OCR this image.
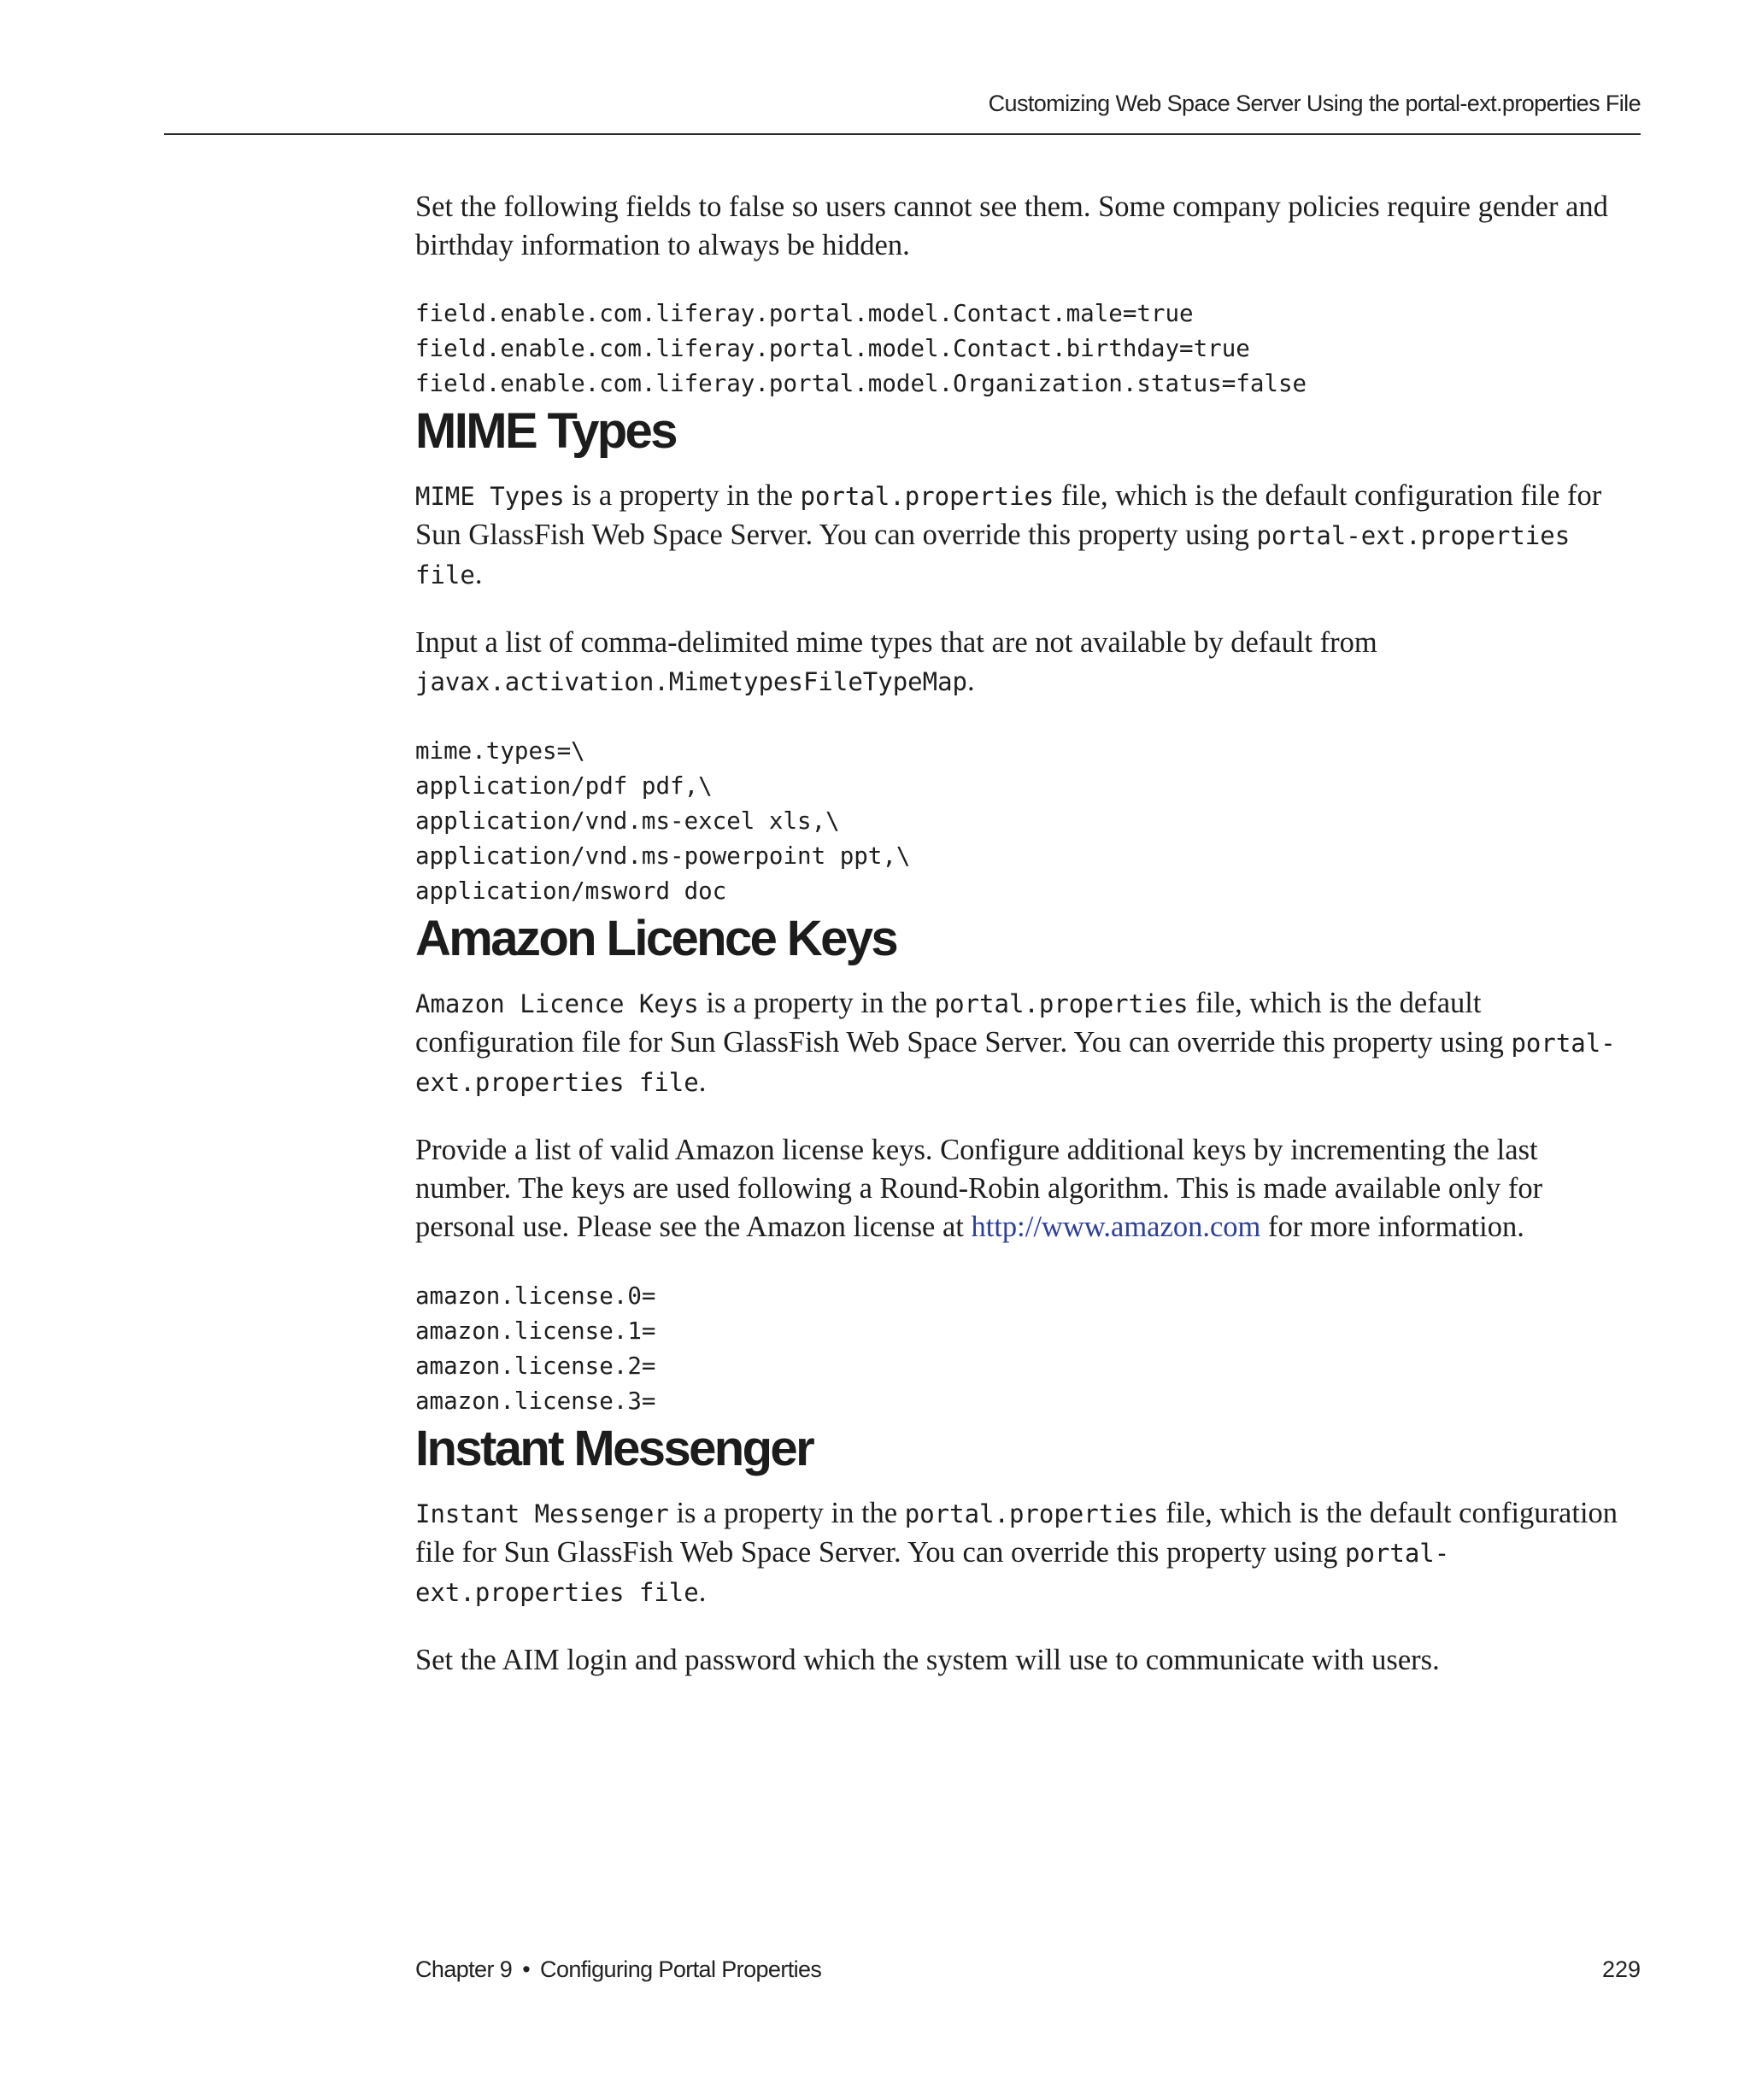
Customizing Web Space Server Using the portal-ext.properties File

Set the following fields to false so users cannot see them. Some company policies require gender and birthday information to always be hidden.

field.enable.com.liferay.portal.model.Contact.male=true
field.enable.com.liferay.portal.model.Contact.birthday=true
field.enable.com.liferay.portal.model.Organization.status=false
MIME Types

MIME Types is a property in the portal.properties file, which is the default configuration file for Sun GlassFish Web Space Server. You can override this property using portal-ext.properties file.

Input a list of comma-delimited mime types that are not available by default from
javax.activation.MimetypesFileTypeMap.

mime.types=\
application/pdf pdf,\
application/vnd.ms-excel xls,\
application/vnd.ms-powerpoint ppt,\
application/msword doc
Amazon Licence Keys

Amazon Licence Keys is a property in the portal.properties file, which is the default configuration file for Sun GlassFish Web Space Server. You can override this property using portal-ext.properties file.

Provide a list of valid Amazon license keys. Configure additional keys by incrementing the last number. The keys are used following a Round-Robin algorithm. This is made available only for personal use. Please see the Amazon license at http://www.amazon.com for more information.

amazon.license.0=
amazon.license.1=
amazon.license.2=
amazon.license.3=
Instant Messenger

Instant Messenger is a property in the portal.properties file, which is the default configuration file for Sun GlassFish Web Space Server. You can override this property using portal-ext.properties file.

Set the AIM login and password which the system will use to communicate with users.

Chapter 9 • Configuring Portal Properties	229
